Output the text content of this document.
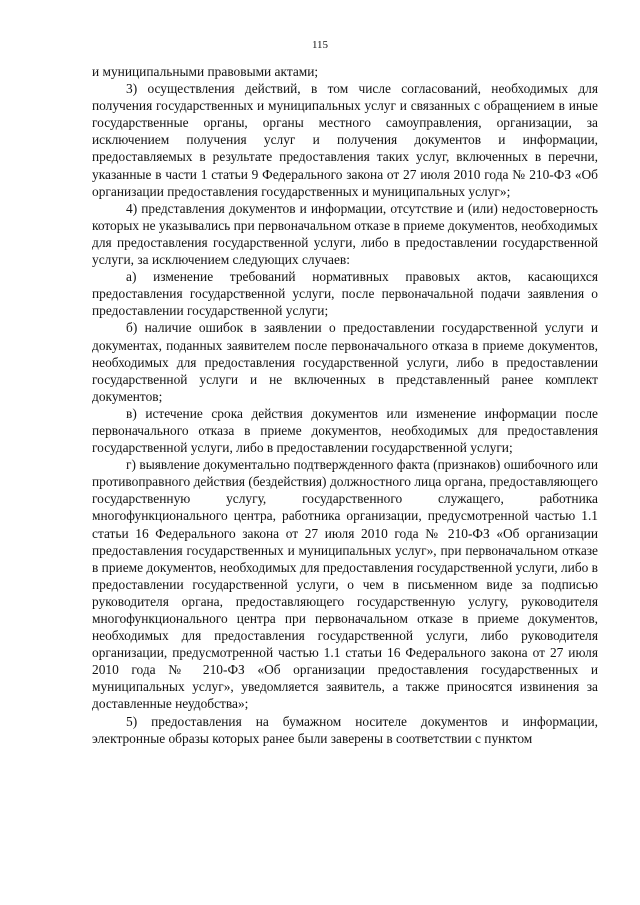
115

и муниципальными правовыми актами;

3) осуществления действий, в том числе согласований, необходимых для получения государственных и муниципальных услуг и связанных с обращением в иные государственные органы, органы местного самоуправления, организации, за исключением получения услуг и получения документов и информации, предоставляемых в результате предоставления таких услуг, включенных в перечни, указанные в части 1 статьи 9 Федерального закона от 27 июля 2010 года № 210-ФЗ «Об организации предоставления государственных и муниципальных услуг»;

4) представления документов и информации, отсутствие и (или) недостоверность которых не указывались при первоначальном отказе в приеме документов, необходимых для предоставления государственной услуги, либо в предоставлении государственной услуги, за исключением следующих случаев:

а) изменение требований нормативных правовых актов, касающихся предоставления государственной услуги, после первоначальной подачи заявления о предоставлении государственной услуги;

б) наличие ошибок в заявлении о предоставлении государственной услуги и документах, поданных заявителем после первоначального отказа в приеме документов, необходимых для предоставления государственной услуги, либо в предоставлении государственной услуги и не включенных в представленный ранее комплект документов;

в) истечение срока действия документов или изменение информации после первоначального отказа в приеме документов, необходимых для предоставления государственной услуги, либо в предоставлении государственной услуги;

г) выявление документально подтвержденного факта (признаков) ошибочного или противоправного действия (бездействия) должностного лица органа, предоставляющего государственную услугу, государственного служащего, работника многофункционального центра, работника организации, предусмотренной частью 1.1 статьи 16 Федерального закона от 27 июля 2010 года № 210-ФЗ «Об организации предоставления государственных и муниципальных услуг», при первоначальном отказе в приеме документов, необходимых для предоставления государственной услуги, либо в предоставлении государственной услуги, о чем в письменном виде за подписью руководителя органа, предоставляющего государственную услугу, руководителя многофункционального центра при первоначальном отказе в приеме документов, необходимых для предоставления государственной услуги, либо руководителя организации, предусмотренной частью 1.1 статьи 16 Федерального закона от 27 июля 2010 года № 210-ФЗ «Об организации предоставления государственных и муниципальных услуг», уведомляется заявитель, а также приносятся извинения за доставленные неудобства»;

5) предоставления на бумажном носителе документов и информации, электронные образы которых ранее были заверены в соответствии с пунктом
